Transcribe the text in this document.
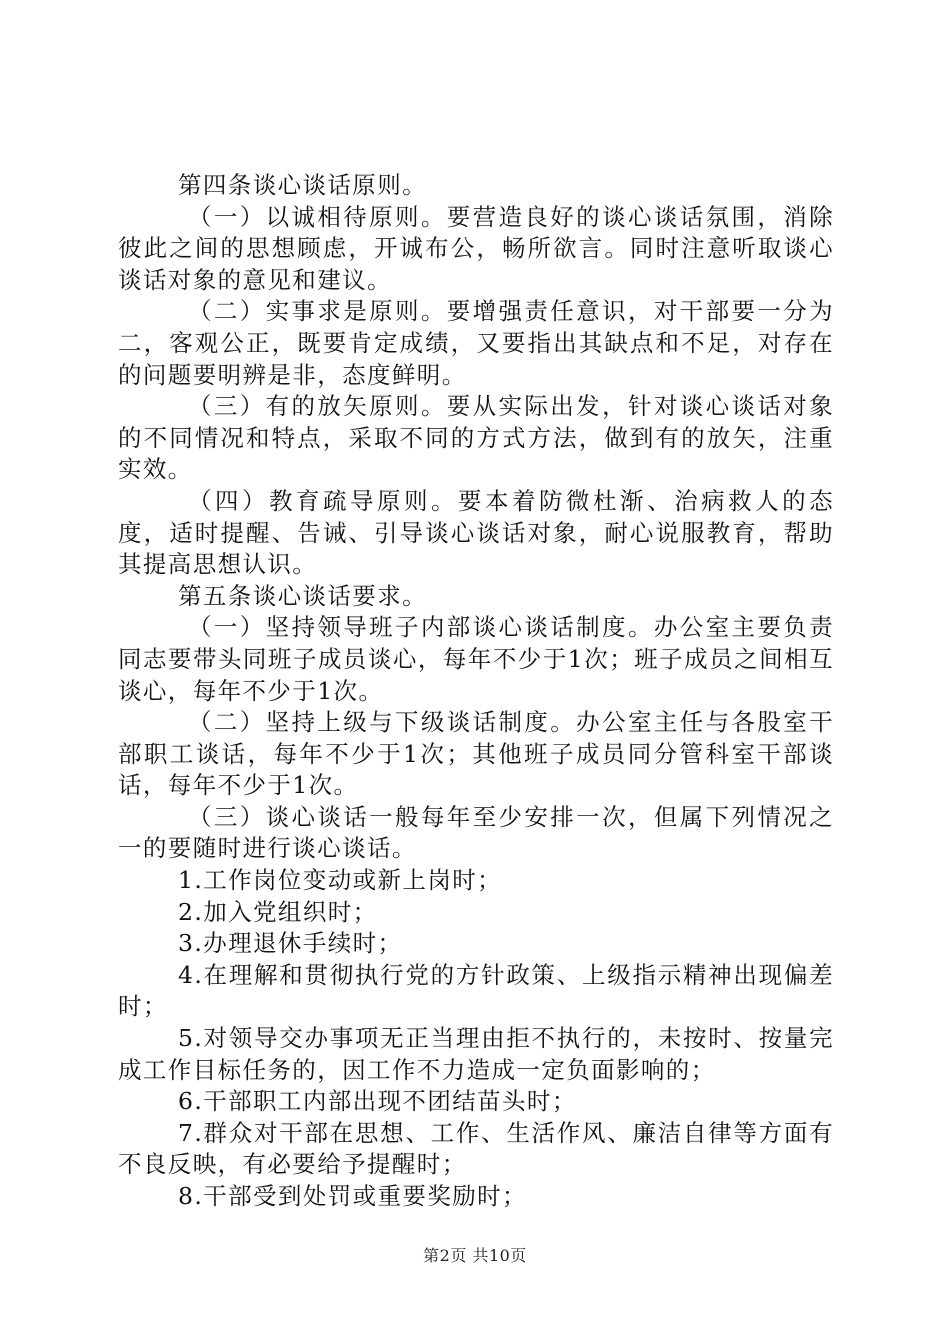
第四条谈心谈话原则。

（一）以诚相待原则。要营造良好的谈心谈话氛围，消除彼此之间的思想顾虑，开诚布公，畅所欲言。同时注意听取谈心谈话对象的意见和建议。

（二）实事求是原则。要增强责任意识，对干部要一分为二，客观公正，既要肯定成绩，又要指出其缺点和不足，对存在的问题要明辨是非，态度鲜明。

（三）有的放矢原则。要从实际出发，针对谈心谈话对象的不同情况和特点，采取不同的方式方法，做到有的放矢，注重实效。

（四）教育疏导原则。要本着防微杜渐、治病救人的态度，适时提醒、告诫、引导谈心谈话对象，耐心说服教育，帮助其提高思想认识。

第五条谈心谈话要求。

（一）坚持领导班子内部谈心谈话制度。办公室主要负责同志要带头同班子成员谈心，每年不少于1次；班子成员之间相互谈心，每年不少于1次。

（二）坚持上级与下级谈话制度。办公室主任与各股室干部职工谈话，每年不少于1次；其他班子成员同分管科室干部谈话，每年不少于1次。

（三）谈心谈话一般每年至少安排一次，但属下列情况之一的要随时进行谈心谈话。

1.工作岗位变动或新上岗时；

2.加入党组织时；

3.办理退休手续时；

4.在理解和贯彻执行党的方针政策、上级指示精神出现偏差时；

5.对领导交办事项无正当理由拒不执行的，未按时、按量完成工作目标任务的，因工作不力造成一定负面影响的；

6.干部职工内部出现不团结苗头时；

7.群众对干部在思想、工作、生活作风、廉洁自律等方面有不良反映，有必要给予提醒时；

8.干部受到处罚或重要奖励时；

第2页 共10页
